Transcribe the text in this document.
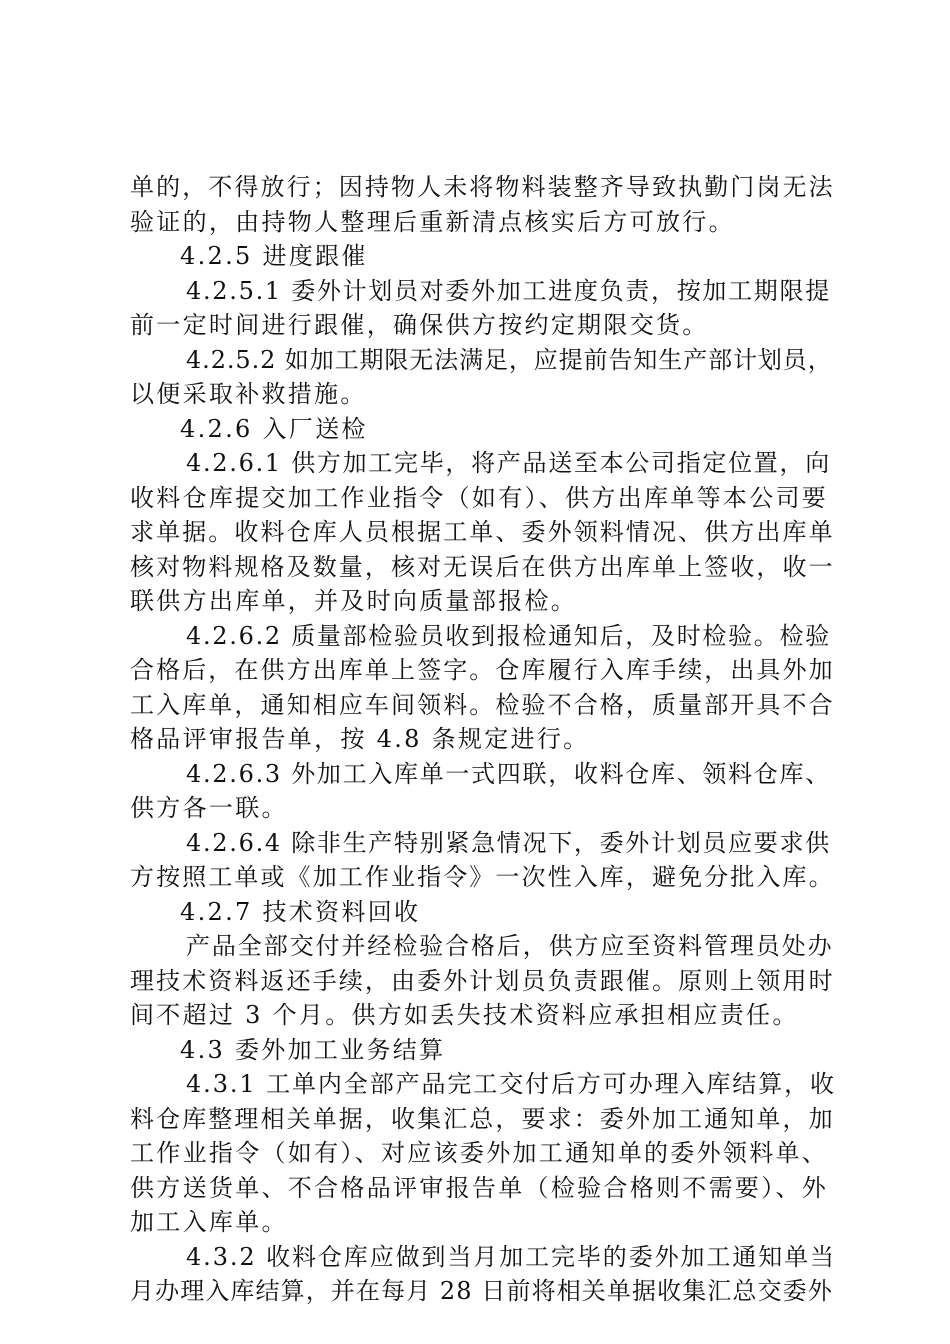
单的，不得放行；因持物人未将物料装整齐导致执勤门岗无法
验证的，由持物人整理后重新清点核实后方可放行。
4.2.5 进度跟催
4.2.5.1 委外计划员对委外加工进度负责，按加工期限提
前一定时间进行跟催，确保供方按约定期限交货。
4.2.5.2 如加工期限无法满足，应提前告知生产部计划员，
以便采取补救措施。
4.2.6 入厂送检
4.2.6.1 供方加工完毕，将产品送至本公司指定位置，向
收料仓库提交加工作业指令（如有）、供方出库单等本公司要
求单据。收料仓库人员根据工单、委外领料情况、供方出库单
核对物料规格及数量，核对无误后在供方出库单上签收，收一
联供方出库单，并及时向质量部报检。
4.2.6.2 质量部检验员收到报检通知后，及时检验。检验
合格后，在供方出库单上签字。仓库履行入库手续，出具外加
工入库单，通知相应车间领料。检验不合格，质量部开具不合
格品评审报告单，按 4.8 条规定进行。
4.2.6.3 外加工入库单一式四联，收料仓库、领料仓库、
供方各一联。
4.2.6.4 除非生产特别紧急情况下，委外计划员应要求供
方按照工单或《加工作业指令》一次性入库，避免分批入库。
4.2.7 技术资料回收
产品全部交付并经检验合格后，供方应至资料管理员处办
理技术资料返还手续，由委外计划员负责跟催。原则上领用时
间不超过 3 个月。供方如丢失技术资料应承担相应责任。
4.3 委外加工业务结算
4.3.1 工单内全部产品完工交付后方可办理入库结算，收
料仓库整理相关单据，收集汇总，要求：委外加工通知单，加
工作业指令（如有）、对应该委外加工通知单的委外领料单、
供方送货单、不合格品评审报告单（检验合格则不需要）、外
加工入库单。
4.3.2 收料仓库应做到当月加工完毕的委外加工通知单当
月办理入库结算，并在每月 28 日前将相关单据收集汇总交委外
